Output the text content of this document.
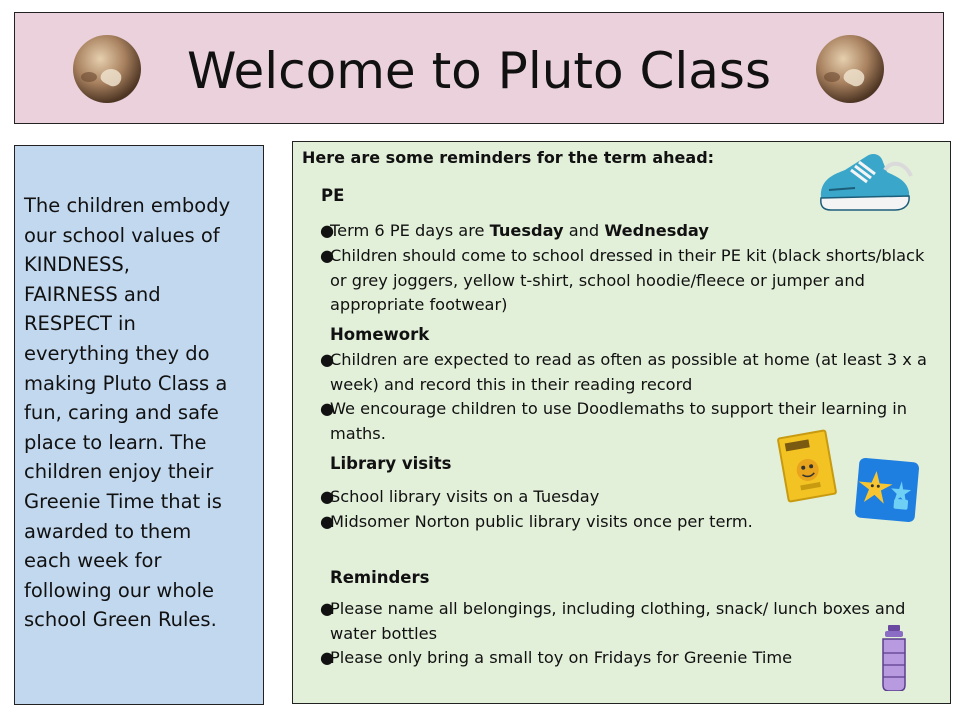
Welcome to Pluto Class
The children embody
our school values of
KINDNESS,
FAIRNESS and
RESPECT in
everything they do
making Pluto Class a
fun, caring and safe
place to learn. The
children enjoy their
Greenie Time that is
awarded to them
each week for
following our whole
school Green Rules.
Here are some reminders for the term ahead:
PE
●
Term 6 PE days are Tuesday and Wednesday
●
Children should come to school dressed in their PE kit (black shorts/black or grey joggers, yellow t-shirt, school hoodie/fleece or jumper and appropriate footwear)
Homework
●
Children are expected to read as often as possible at home (at least 3 x a week) and record this in their reading record
●
We encourage children to use Doodlemaths to support their learning in maths.
Library visits
●
School library visits on a Tuesday
●
Midsomer Norton public library visits once per term.
Reminders
●
Please name all belongings, including clothing, snack/ lunch boxes and water bottles
●
Please only bring a small toy on Fridays for Greenie Time
